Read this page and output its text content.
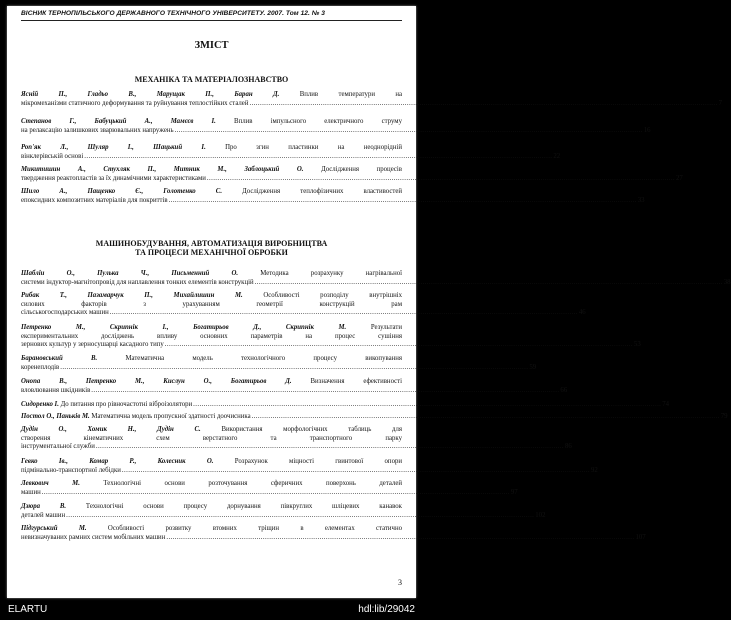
ВІСНИК ТЕРНОПІЛЬСЬКОГО ДЕРЖАВНОГО ТЕХНІЧНОГО УНІВЕРСИТЕТУ. 2007. Том 12. № 3
ЗМІСТ
МЕХАНІКА ТА МАТЕРІАЛОЗНАВСТВО
Ясній П., Гладьо В., Марущак П., Баран Д.	Вплив температури на
мікромеханізми статичного деформування та руйнування теплостійких сталей .....	7
Степанов Г., Бабуцький А., Мамєєв І.	Вплив імпульсного електричного струму
на релаксацію залишкових зварювальних напружень .....	16
Роп'як Л., Шуляр І., Шацький І.	Про згин пластинки на неоднорідній
вінклерівській основі .....	22
Микитишин А., Стухляк П., Митник М., Заблоцький О.	Дослідження процесів
твердження реактопластів за їх динамічними характеристиками .....	27
Шило А., Пащенко Є., Голотенко С.	Дослідження теплофізичних властивостей
епоксидних композитних матеріалів для покриттів .....	33
МАШИНОБУДУВАННЯ, АВТОМАТИЗАЦІЯ ВИРОБНИЦТВА
ТА ПРОЦЕСИ МЕХАНІЧНОЇ ОБРОБКИ
Шабліи О., Пулька Ч., Письменний О.	Методика розрахунку нагрівальної
системи індуктор-магнітопровід для наплавлення тонких елементів конструкцій .....	38
Рибак Т., Пазамарчук П., Михайлишин М.	Особливості розподілу внутрішніх
силових факторів з урахуванням геометрії конструкцій рам
сільськогосподарських машин .....	46
Петренко М., Скрипнік І., Богатирьов Д., Скрипнік М.	Результати
експериментальних досліджень впливу основних параметрів на процес сушіння
зернових культур у зерносушарці касадного типу .....	53
Барановський В.	Математична модель технологічного процесу викопування
коренеплодів .....	59
Онопа В., Петренко М., Кислун О., Богатирьов Д.	Визначення ефективності
вловлювання шкідників .....	66
Сидоренко І. До питання про рівночастотні віброізолятори .....	74
Постол О., Панькiв М. Математична модель пропускної здатності доочисника .....	79
Дудін О., Хомик Н., Дудін С.	Використання морфологічних таблиць для
створення кінематичних схем верстатного та транспортного парку
інструментальної служби .....	86
Гевко Ів., Комар Р., Колесник О.	Розрахунок міцності гвинтової опори
підмінально-транспортної лебідки .....	92
Левкович М.	Технологічні основи розточування сферичних поверхонь деталей
машин .....	97
Дзюра В.	Технологічні основи процесу дорнування півкруглих шліцевих канавок
деталей машин .....	102
Підгурський М.	Особливості розвитку втомних тріщин в елементах статично
невизначуваних рамних систем мобільних машин .....	107
3
ELARTU	hdl:lib/29042
